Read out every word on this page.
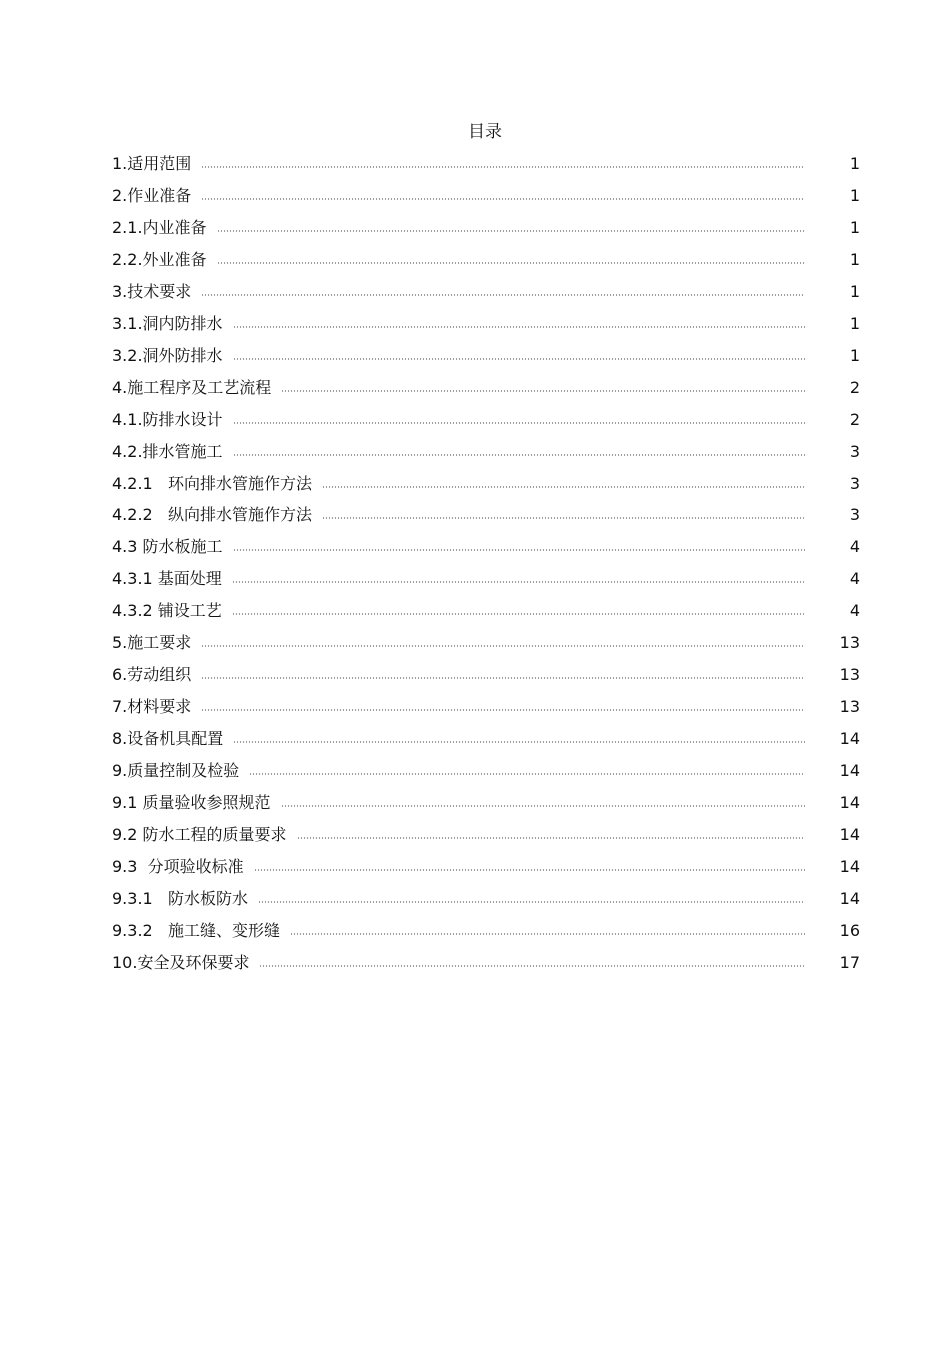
目录
1.适用范围	1
2.作业准备	1
2.1.内业准备	1
2.2.外业准备	1
3.技术要求	1
3.1.洞内防排水	1
3.2.洞外防排水	1
4.施工程序及工艺流程	2
4.1.防排水设计	2
4.2.排水管施工	3
4.2.1   环向排水管施作方法	3
4.2.2   纵向排水管施作方法	3
4.3 防水板施工	4
4.3.1 基面处理	4
4.3.2 铺设工艺	4
5.施工要求	13
6.劳动组织	13
7.材料要求	13
8.设备机具配置	14
9.质量控制及检验	14
9.1 质量验收参照规范	14
9.2 防水工程的质量要求	14
9.3  分项验收标准	14
9.3.1   防水板防水	14
9.3.2   施工缝、变形缝	16
10.安全及环保要求	17
